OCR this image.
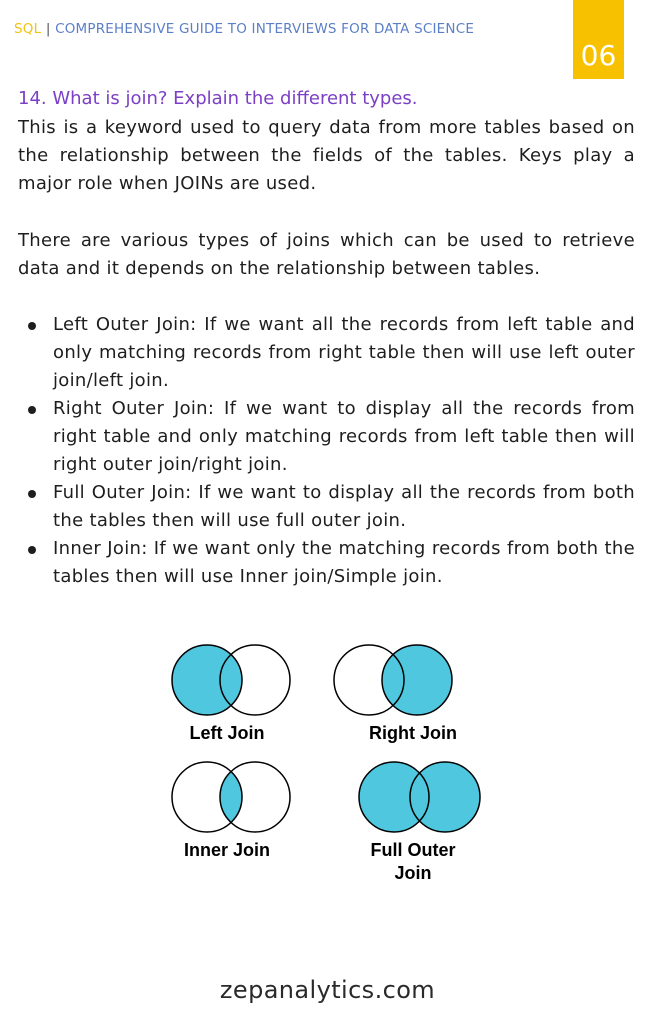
SQL | COMPREHENSIVE GUIDE TO INTERVIEWS FOR DATA SCIENCE
06
14. What is join? Explain the different types.

This is a keyword used to query data from more tables based on the relationship between the fields of the tables. Keys play a major role when JOINs are used.

There are various types of joins which can be used to retrieve data and it depends on the relationship between tables.

Left Outer Join: If we want all the records from left table and only matching records from right table then will use left outer join/left join.
Right Outer Join: If we want to display all the records from right table and only matching records from left table then will right outer join/right join.
Full Outer Join: If we want to display all the records from both the tables then will use full outer join.
Inner Join: If we want only the matching records from both the tables then will use Inner join/Simple join.
Left Join	Right Join
Inner Join	Full Outer
Join
zepanalytics.com
